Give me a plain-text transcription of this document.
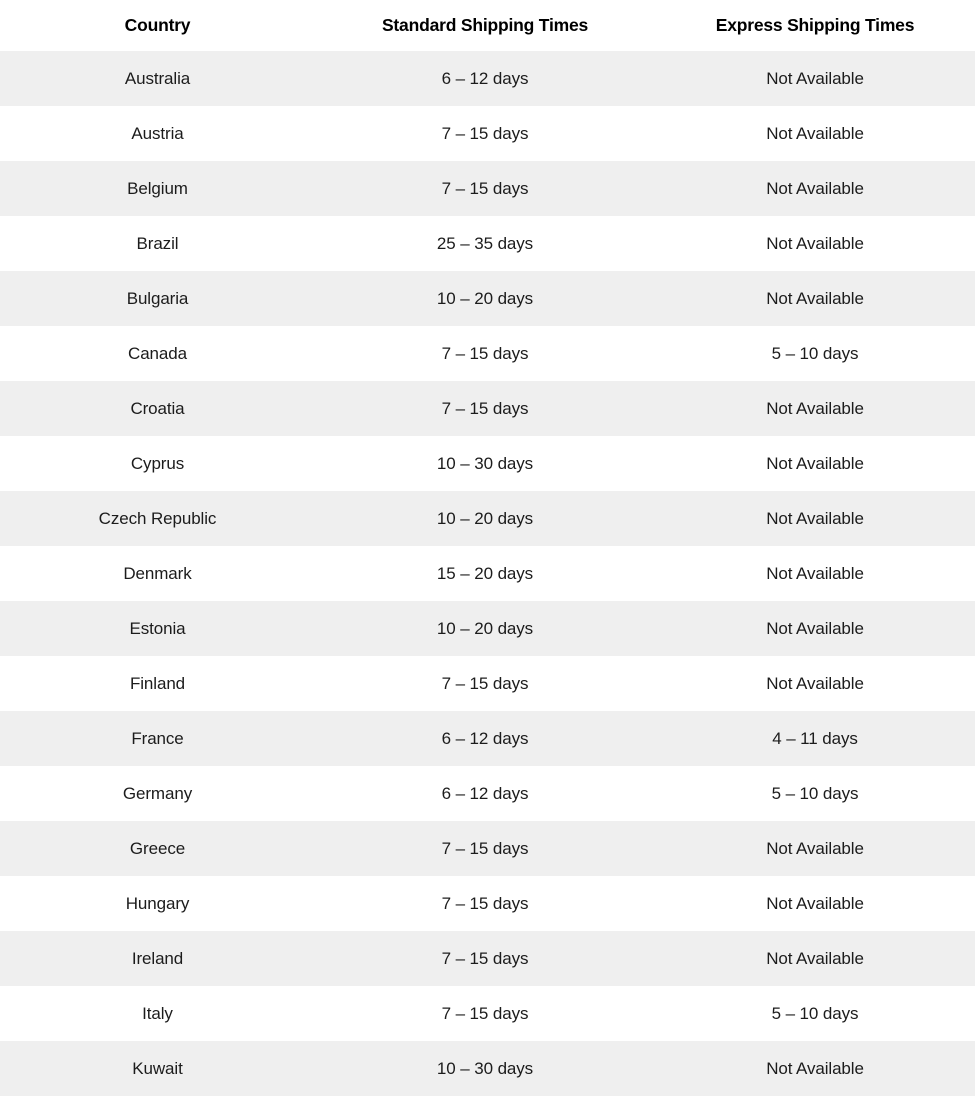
Country	Standard Shipping Times	Express Shipping Times
Australia	6 – 12 days	Not Available
Austria	7 – 15 days	Not Available
Belgium	7 – 15 days	Not Available
Brazil	25 – 35 days	Not Available
Bulgaria	10 – 20 days	Not Available
Canada	7 – 15 days	5 – 10 days
Croatia	7 – 15 days	Not Available
Cyprus	10 – 30 days	Not Available
Czech Republic	10 – 20 days	Not Available
Denmark	15 – 20 days	Not Available
Estonia	10 – 20 days	Not Available
Finland	7 – 15 days	Not Available
France	6 – 12 days	4 – 11 days
Germany	6 – 12 days	5 – 10 days
Greece	7 – 15 days	Not Available
Hungary	7 – 15 days	Not Available
Ireland	7 – 15 days	Not Available
Italy	7 – 15 days	5 – 10 days
Kuwait	10 – 30 days	Not Available
